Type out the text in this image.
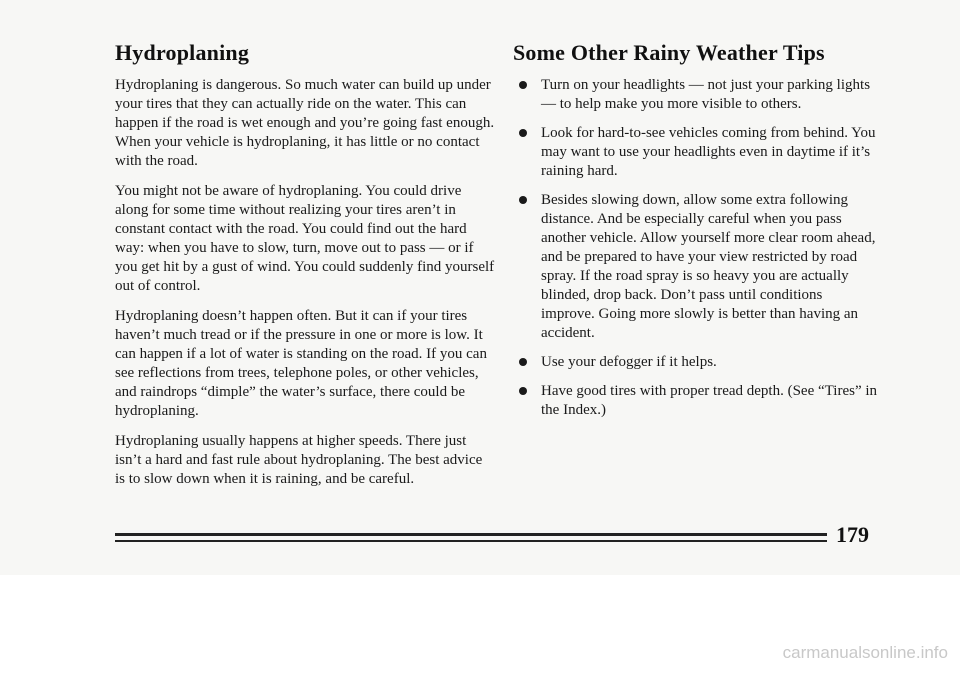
Hydroplaning

Hydroplaning is dangerous. So much water can build up under your tires that they can actually ride on the water. This can happen if the road is wet enough and you’re going fast enough. When your vehicle is hydroplaning, it has little or no contact with the road.

You might not be aware of hydroplaning. You could drive along for some time without realizing your tires aren’t in constant contact with the road. You could find out the hard way: when you have to slow, turn, move out to pass — or if you get hit by a gust of wind. You could suddenly find yourself out of control.

Hydroplaning doesn’t happen often. But it can if your tires haven’t much tread or if the pressure in one or more is low. It can happen if a lot of water is standing on the road. If you can see reflections from trees, telephone poles, or other vehicles, and raindrops “dimple” the water’s surface, there could be hydroplaning.

Hydroplaning usually happens at higher speeds. There just isn’t a hard and fast rule about hydroplaning. The best advice is to slow down when it is raining, and be careful.

Some Other Rainy Weather Tips
Turn on your headlights — not just your parking lights — to help make you more visible to others.
Look for hard-to-see vehicles coming from behind. You may want to use your headlights even in daytime if it’s raining hard.
Besides slowing down, allow some extra following distance. And be especially careful when you pass another vehicle. Allow yourself more clear room ahead, and be prepared to have your view restricted by road spray. If the road spray is so heavy you are actually blinded, drop back. Don’t pass until conditions improve. Going more slowly is better than having an accident.
Use your defogger if it helps.
Have good tires with proper tread depth. (See “Tires” in the Index.)
179
carmanualsonline.info
